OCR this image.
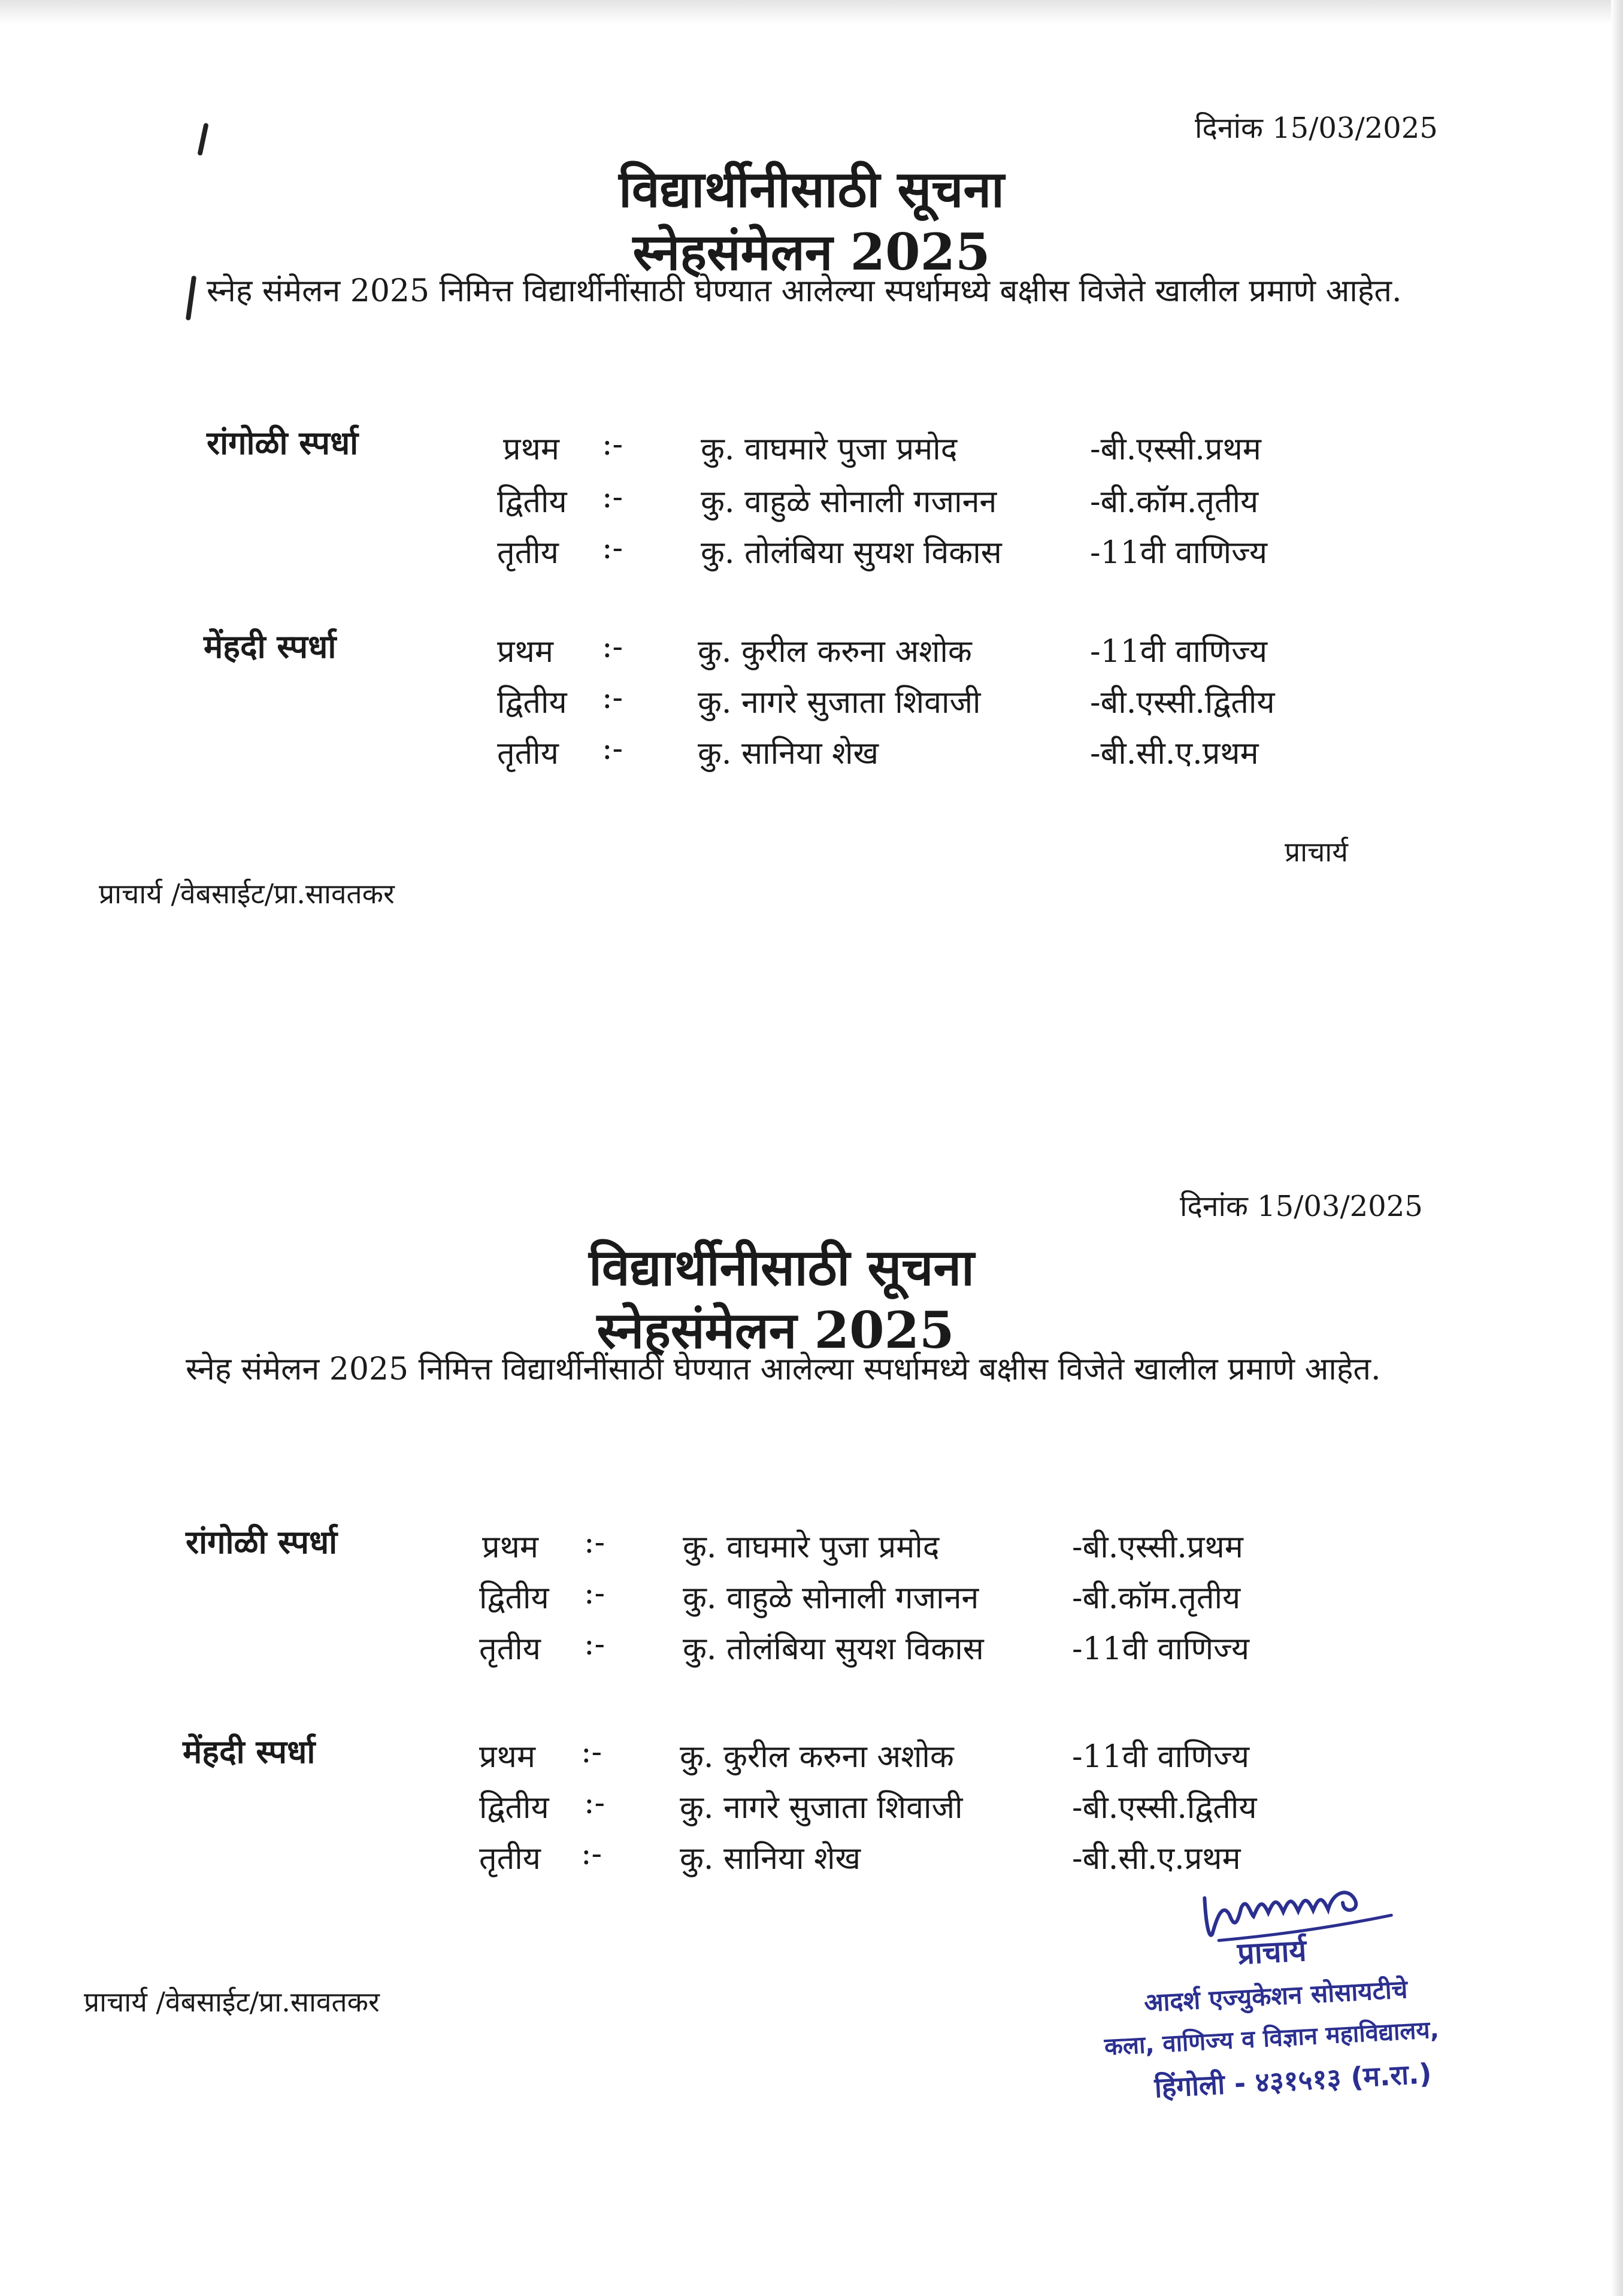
दिनांक 15/03/2025
विद्यार्थीनीसाठी सूचना
स्नेहसंमेलन 2025
स्नेह संमेलन 2025 निमित्त विद्यार्थीनींसाठी घेण्यात आलेल्या स्पर्धामध्ये बक्षीस विजेते खालील प्रमाणे आहेत.
रांगोळी स्पर्धा	प्रथम :- कु. वाघमारे पुजा प्रमोद	-बी.एस्सी.प्रथम
द्वितीय :- कु. वाहुळे सोनाली गजानन	-बी.कॉम.तृतीय
तृतीय :- कु. तोलंबिया सुयश विकास	-11वी वाणिज्य
मेंहदी स्पर्धा	प्रथम :- कु. कुरील करुना अशोक	-11वी वाणिज्य
द्वितीय :- कु. नागरे सुजाता शिवाजी	-बी.एस्सी.द्वितीय
तृतीय :- कु. सानिया शेख	-बी.सी.ए.प्रथम
प्राचार्य
प्राचार्य /वेबसाईट/प्रा.सावतकर
दिनांक 15/03/2025
विद्यार्थीनीसाठी सूचना
स्नेहसंमेलन 2025
स्नेह संमेलन 2025 निमित्त विद्यार्थीनींसाठी घेण्यात आलेल्या स्पर्धामध्ये बक्षीस विजेते खालील प्रमाणे आहेत.
रांगोळी स्पर्धा	प्रथम :- कु. वाघमारे पुजा प्रमोद	-बी.एस्सी.प्रथम
द्वितीय :- कु. वाहुळे सोनाली गजानन	-बी.कॉम.तृतीय
तृतीय :- कु. तोलंबिया सुयश विकास	-11वी वाणिज्य
मेंहदी स्पर्धा	प्रथम :- कु. कुरील करुना अशोक	-11वी वाणिज्य
द्वितीय :- कु. नागरे सुजाता शिवाजी	-बी.एस्सी.द्वितीय
तृतीय :- कु. सानिया शेख	-बी.सी.ए.प्रथम
प्राचार्य /वेबसाईट/प्रा.सावतकर
प्राचार्य
आदर्श एज्युकेशन सोसायटीचे
कला, वाणिज्य व विज्ञान महाविद्यालय,
हिंगोली - ४३१५१३ (म.रा.)
